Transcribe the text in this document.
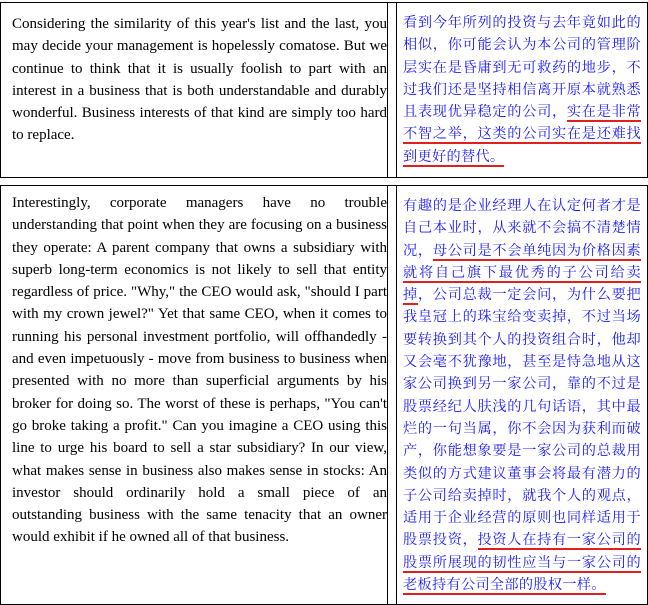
Considering the similarity of this year's list and the last, you may decide your management is hopelessly comatose. But we continue to think that it is usually foolish to part with an interest in a business that is both understandable and durably wonderful. Business interests of that kind are simply too hard to replace.
看到今年所列的投资与去年竟如此的相似，你可能会认为本公司的管理阶层实在是昏庸到无可救药的地步，不过我们还是坚持相信离开原本就熟悉且表现优异稳定的公司，实在是非常不智之举，这类的公司实在是还难找到更好的替代。
Interestingly, corporate managers have no trouble understanding that point when they are focusing on a business they operate: A parent company that owns a subsidiary with superb long-term economics is not likely to sell that entity regardless of price. "Why," the CEO would ask, "should I part with my crown jewel?" Yet that same CEO, when it comes to running his personal investment portfolio, will offhandedly - and even impetuously - move from business to business when presented with no more than superficial arguments by his broker for doing so. The worst of these is perhaps, "You can't go broke taking a profit." Can you imagine a CEO using this line to urge his board to sell a star subsidiary? In our view, what makes sense in business also makes sense in stocks: An investor should ordinarily hold a small piece of an outstanding business with the same tenacity that an owner would exhibit if he owned all of that business.
有趣的是企业经理人在认定何者才是自己本业时，从来就不会搞不清楚情况，母公司是不会单纯因为价格因素就将自己旗下最优秀的子公司给卖掉，公司总裁一定会问，为什么要把我皇冠上的珠宝给变卖掉，不过当场要转换到其个人的投资组合时，他却又会毫不犹豫地，甚至是恃急地从这家公司换到另一家公司，靠的不过是股票经纪人肤浅的几句话语，其中最烂的一句当属，你不会因为获利而破产，你能想象要是一家公司的总裁用类似的方式建议董事会将最有潜力的子公司给卖掉时，就我个人的观点，适用于企业经营的原则也同样适用于股票投资，投资人在持有一家公司的股票所展现的韧性应当与一家公司的老板持有公司全部的股权一样。
